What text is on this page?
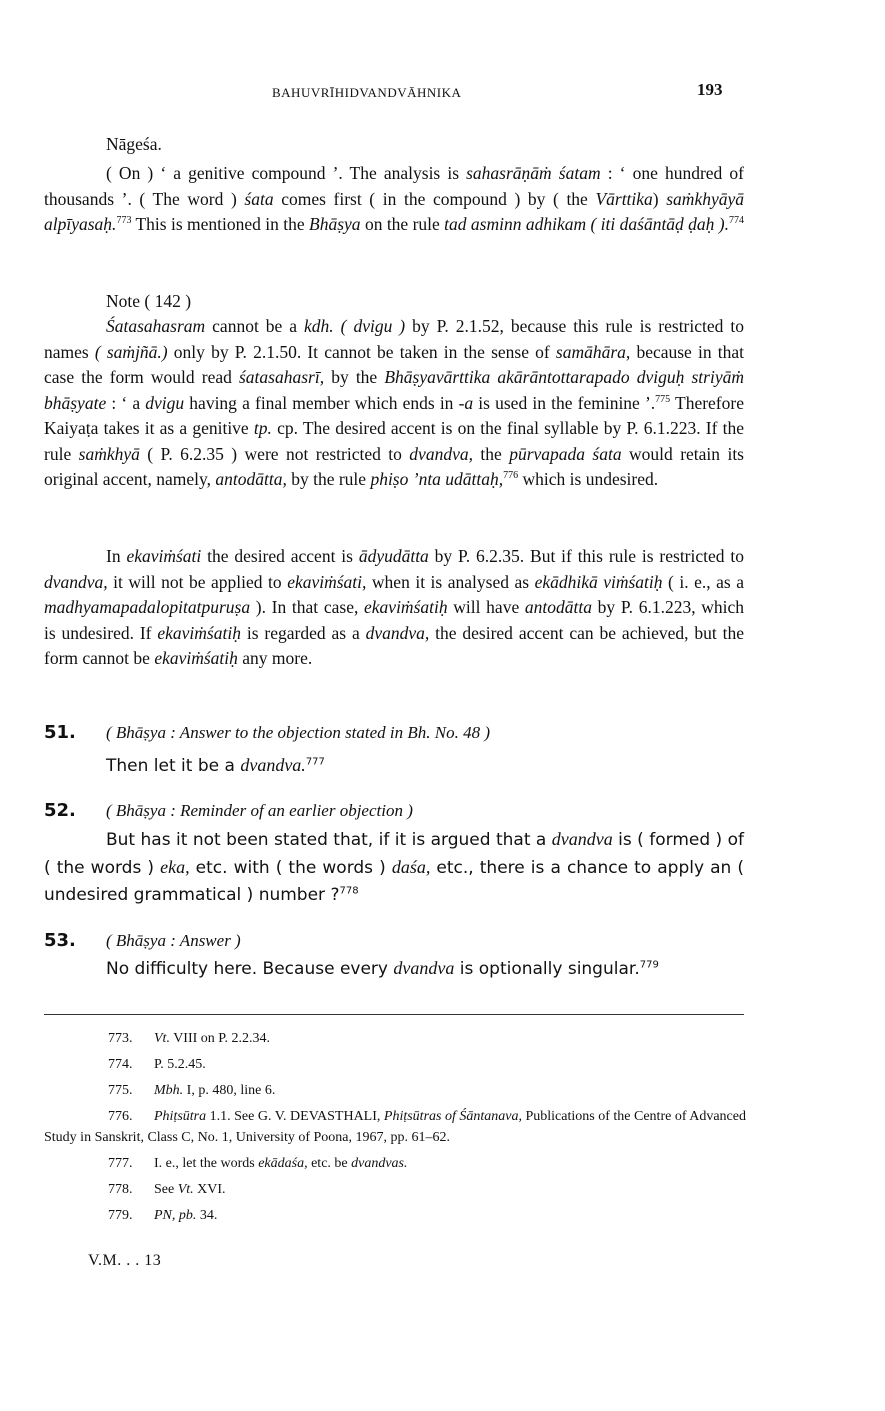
BAHUVRĪHIDVANDVĀHNIKA	193

Nāgeśa.

( On ) ‘ a genitive compound ’. The analysis is sahasrāṇāṁ śatam : ‘ one hundred of thousands ’. ( The word ) śata comes first ( in the compound ) by ( the Vārttika) saṁkhyāyā alpīyasaḥ.$^{773}$ This is mentioned in the Bhāṣya on the rule tad asminn adhikam ( iti daśāntāḍ ḍaḥ ).$^{774}$

Note ( 142 )

Śatasahasram cannot be a kdh. ( dvigu ) by P. 2.1.52, because this rule is restricted to names ( saṁjñā.) only by P. 2.1.50. It cannot be taken in the sense of samāhāra, because in that case the form would read śatasahasrī, by the Bhāṣyavārttika akārāntottarapado dviguḥ striyāṁ bhāṣyate : ‘ a dvigu having a final member which ends in -a is used in the feminine ’.$^{775}$ Therefore Kaiyaṭa takes it as a genitive tp. cp. The desired accent is on the final syllable by P. 6.1.223. If the rule saṁkhyā ( P. 6.2.35 ) were not restricted to dvandva, the pūrvapada śata would retain its original accent, namely, antodātta, by the rule phiṣo ’nta udāttaḥ,$^{776}$ which is undesired.

In ekaviṁśati the desired accent is ādyudātta by P. 6.2.35. But if this rule is restricted to dvandva, it will not be applied to ekaviṁśati, when it is analysed as ekādhikā viṁśatiḥ ( i. e., as a madhyamapadalopitatpuruṣa ). In that case, ekaviṁśatiḥ will have antodātta by P. 6.1.223, which is undesired. If ekaviṁśatiḥ is regarded as a dvandva, the desired accent can be achieved, but the form cannot be ekaviṁśatiḥ any more.

51. ( Bhāṣya : Answer to the objection stated in Bh. No. 48 )

Then let it be a dvandva.$^{777}$

52. ( Bhāṣya : Reminder of an earlier objection )

But has it not been stated that, if it is argued that a dvandva is ( formed ) of ( the words ) eka, etc. with ( the words ) daśa, etc., there is a chance to apply an ( undesired grammatical ) number ?$^{778}$

53. ( Bhāṣya : Answer )

No difficulty here. Because every dvandva is optionally singular.$^{779}$

773. Vt. VIII on P. 2.2.34.

774. P. 5.2.45.

775. Mbh. I, p. 480, line 6.

776. Phiṭsūtra 1.1. See G. V. DEVASTHALI, Phiṭsūtras of Śāntanava, Publications of the Centre of Advanced Study in Sanskrit, Class C, No. 1, University of Poona, 1967, pp. 61–62.

777. I. e., let the words ekādaśa, etc. be dvandvas.

778. See Vt. XVI.

779. PN, pb. 34.

V.M. . . 13
